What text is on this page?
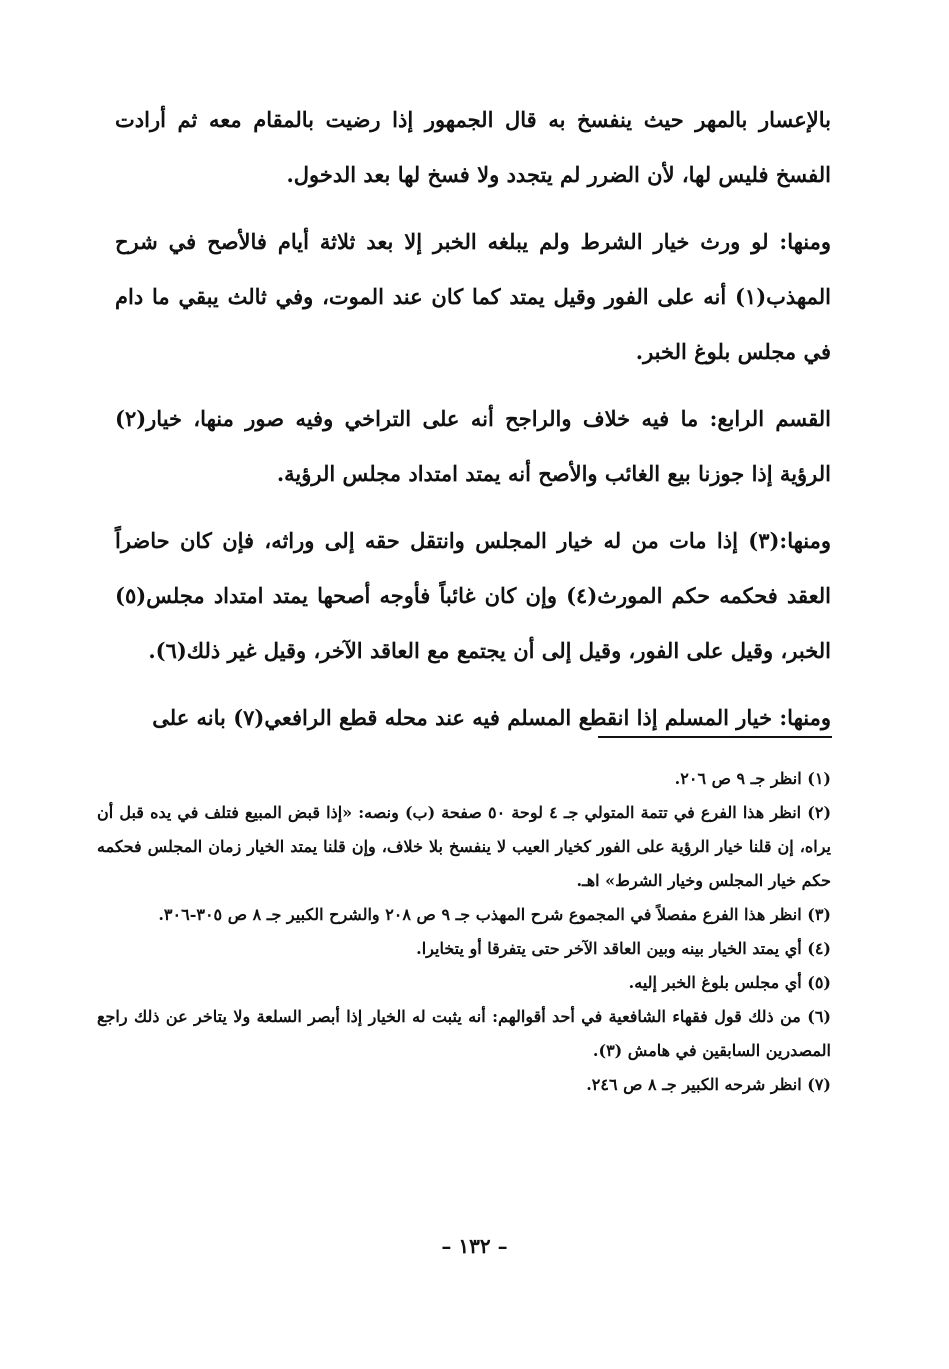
بالإعسار بالمهر حيث ينفسخ به قال الجمهور إذا رضيت بالمقام معه ثم أرادت الفسخ فليس لها، لأن الضرر لم يتجدد ولا فسخ لها بعد الدخول.

ومنها: لو ورث خيار الشرط ولم يبلغه الخبر إلا بعد ثلاثة أيام فالأصح في شرح المهذب(١) أنه على الفور وقيل يمتد كما كان عند الموت، وفي ثالث يبقي ما دام في مجلس بلوغ الخبر.

القسم الرابع: ما فيه خلاف والراجح أنه على التراخي وفيه صور منها، خيار(٢) الرؤية إذا جوزنا بيع الغائب والأصح أنه يمتد امتداد مجلس الرؤية.

ومنها:(٣) إذا مات من له خيار المجلس وانتقل حقه إلى وراثه، فإن كان حاضراً العقد فحكمه حكم المورث(٤) وإن كان غائباً فأوجه أصحها يمتد امتداد مجلس(٥) الخبر، وقيل على الفور، وقيل إلى أن يجتمع مع العاقد الآخر، وقيل غير ذلك(٦).

ومنها: خيار المسلم إذا انقطع المسلم فيه عند محله قطع الرافعي(٧) بانه على

(١) انظر جـ ٩ ص ٢٠٦.

(٢) انظر هذا الفرع في تتمة المتولي جـ ٤ لوحة ٥٠ صفحة (ب) ونصه: «إذا قبض المبيع فتلف في يده قبل أن يراه، إن قلنا خيار الرؤية على الفور كخيار العيب لا ينفسخ بلا خلاف، وإن قلنا يمتد الخيار زمان المجلس فحكمه حكم خيار المجلس وخيار الشرط» اهـ.

(٣) انظر هذا الفرع مفصلاً في المجموع شرح المهذب جـ ٩ ص ٢٠٨ والشرح الكبير جـ ٨ ص ٣٠٥-٣٠٦.

(٤) أي يمتد الخيار بينه وبين العاقد الآخر حتى يتفرقا أو يتخايرا.

(٥) أي مجلس بلوغ الخبر إليه.

(٦) من ذلك قول فقهاء الشافعية في أحد أقوالهم: أنه يثبت له الخيار إذا أبصر السلعة ولا يتاخر عن ذلك راجع المصدرين السابقين في هامش (٣).

(٧) انظر شرحه الكبير جـ ٨ ص ٢٤٦.

– ١٣٢ –
